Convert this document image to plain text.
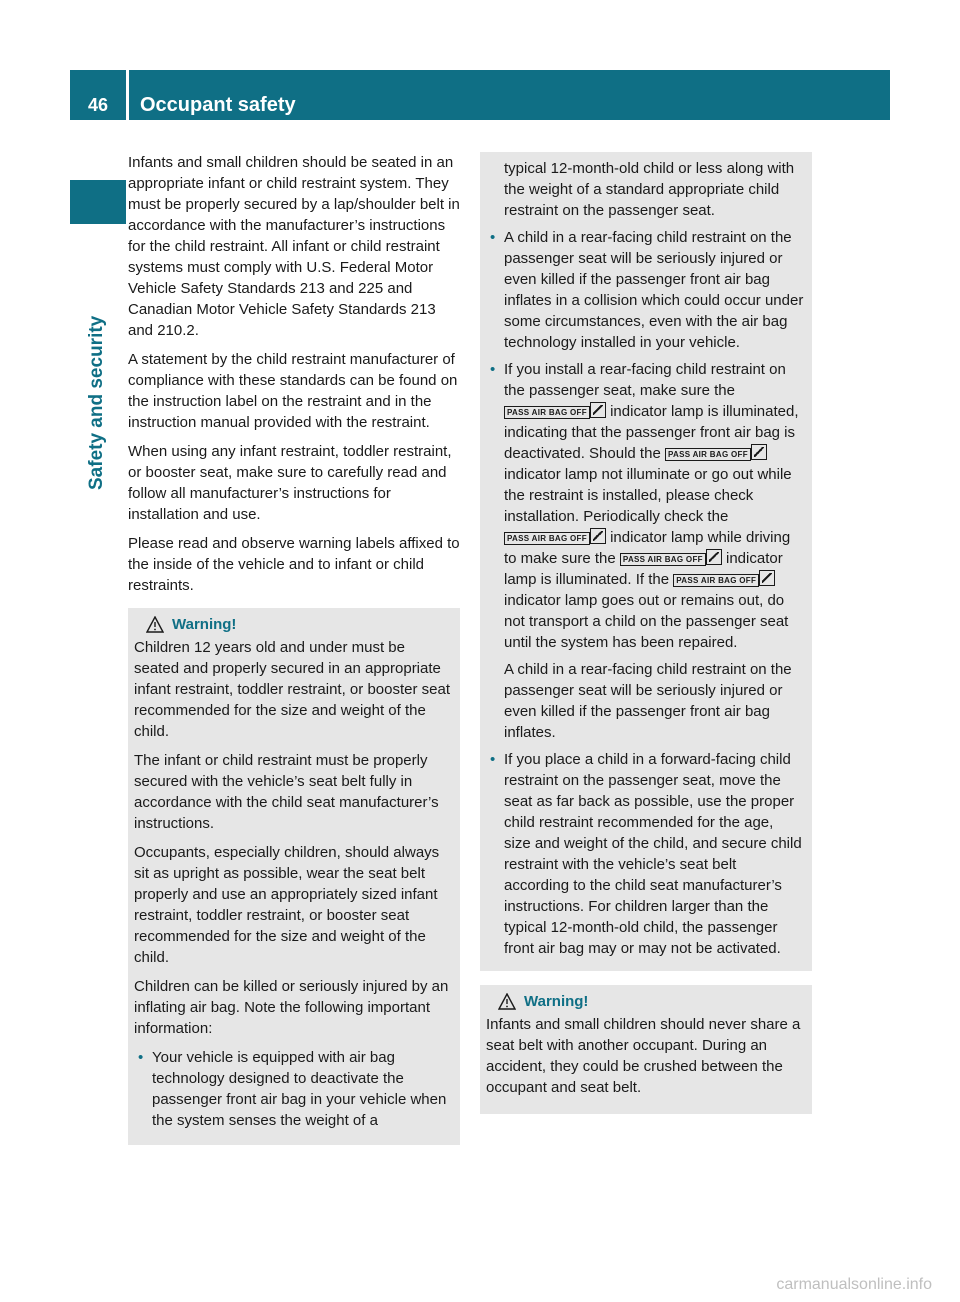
46	Occupant safety
Safety and security

Infants and small children should be seated in an appropriate infant or child restraint system. They must be properly secured by a lap/shoulder belt in accordance with the manufacturer’s instructions for the child restraint. All infant or child restraint systems must comply with U.S. Federal Motor Vehicle Safety Standards 213 and 225 and Canadian Motor Vehicle Safety Standards 213 and 210.2.

A statement by the child restraint manufacturer of compliance with these standards can be found on the instruction label on the restraint and in the instruction manual provided with the restraint.

When using any infant restraint, toddler restraint, or booster seat, make sure to carefully read and follow all manufacturer’s instructions for installation and use.

Please read and observe warning labels affixed to the inside of the vehicle and to infant or child restraints.

Warning!

Children 12 years old and under must be seated and properly secured in an appropriate infant restraint, toddler restraint, or booster seat recommended for the size and weight of the child.

The infant or child restraint must be properly secured with the vehicle’s seat belt fully in accordance with the child seat manufacturer’s instructions.

Occupants, especially children, should always sit as upright as possible, wear the seat belt properly and use an appropriately sized infant restraint, toddler restraint, or booster seat recommended for the size and weight of the child.

Children can be killed or seriously injured by an inflating air bag. Note the following important information:

• Your vehicle is equipped with air bag technology designed to deactivate the passenger front air bag in your vehicle when the system senses the weight of a
typical 12-month-old child or less along with the weight of a standard appropriate child restraint on the passenger seat.
• A child in a rear-facing child restraint on the passenger seat will be seriously injured or even killed if the passenger front air bag inflates in a collision which could occur under some circumstances, even with the air bag technology installed in your vehicle.
• If you install a rear-facing child restraint on the passenger seat, make sure the PASS AIR BAG OFF indicator lamp is illuminated, indicating that the passenger front air bag is deactivated. Should the PASS AIR BAG OFF indicator lamp not illuminate or go out while the restraint is installed, please check installation. Periodically check the PASS AIR BAG OFF indicator lamp while driving to make sure the PASS AIR BAG OFF indicator lamp is illuminated. If the PASS AIR BAG OFF indicator lamp goes out or remains out, do not transport a child on the passenger seat until the system has been repaired.
A child in a rear-facing child restraint on the passenger seat will be seriously injured or even killed if the passenger front air bag inflates.
• If you place a child in a forward-facing child restraint on the passenger seat, move the seat as far back as possible, use the proper child restraint recommended for the age, size and weight of the child, and secure child restraint with the vehicle’s seat belt according to the child seat manufacturer’s instructions. For children larger than the typical 12-month-old child, the passenger front air bag may or may not be activated.
Warning!

Infants and small children should never share a seat belt with another occupant. During an accident, they could be crushed between the occupant and seat belt.

carmanualsonline.info
